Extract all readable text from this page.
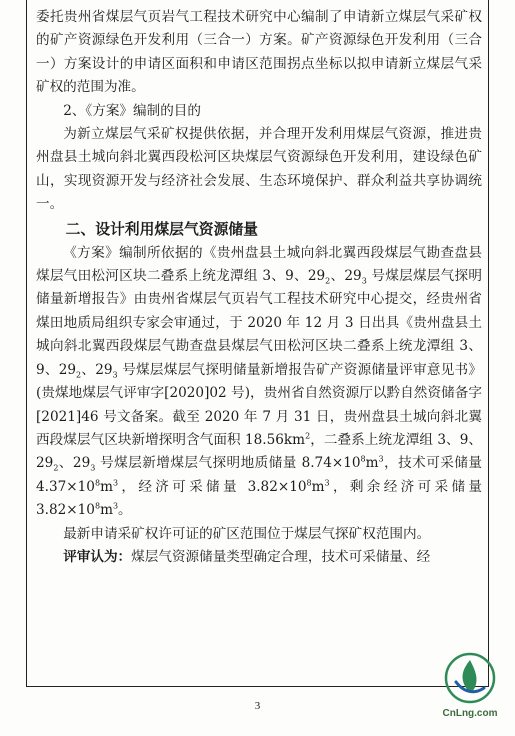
委托贵州省煤层气页岩气工程技术研究中心编制了申请新立煤层气采矿权的矿产资源绿色开发利用（三合一）方案。矿产资源绿色开发利用（三合一）方案设计的申请区面积和申请区范围拐点坐标以拟申请新立煤层气采矿权的范围为准。

2、《方案》编制的目的

为新立煤层气采矿权提供依据，并合理开发利用煤层气资源，推进贵州盘县土城向斜北翼西段松河区块煤层气资源绿色开发利用，建设绿色矿山，实现资源开发与经济社会发展、生态环境保护、群众利益共享协调统一。

二、设计利用煤层气资源储量

《方案》编制所依据的《贵州盘县土城向斜北翼西段煤层气勘查盘县煤层气田松河区块二叠系上统龙潭组 3、9、$29_2$、$29_3$ 号煤层煤层气探明储量新增报告》由贵州省煤层气页岩气工程技术研究中心提交，经贵州省煤田地质局组织专家会审通过，于 2020 年 12 月 3 日出具《贵州盘县土城向斜北翼西段煤层气勘查盘县煤层气田松河区块二叠系上统龙潭组 3、9、$29_2$、$29_3$ 号煤层煤层气探明储量新增报告矿产资源储量评审意见书》(贵煤地煤层气评审字[2020]02 号)，贵州省自然资源厅以黔自然资储备字[2021]46 号文备案。截至 2020 年 7 月 31 日，贵州盘县土城向斜北翼西段煤层气区块新增探明含气面积 $18.56km^2$，二叠系上统龙潭组 3、9、$29_2$、$29_3$ 号煤层新增煤层气探明地质储量 $8.74\times 10^8m^3$，技术可采储量 $4.37\times 10^8m^3$，经济可采储量 $3.82\times 10^8m^3$，剩余经济可采储量 $3.82\times 10^8m^3$。

最新申请采矿权许可证的矿区范围位于煤层气探矿权范围内。

评审认为：煤层气资源储量类型确定合理，技术可采储量、经

3
CnLng.com
